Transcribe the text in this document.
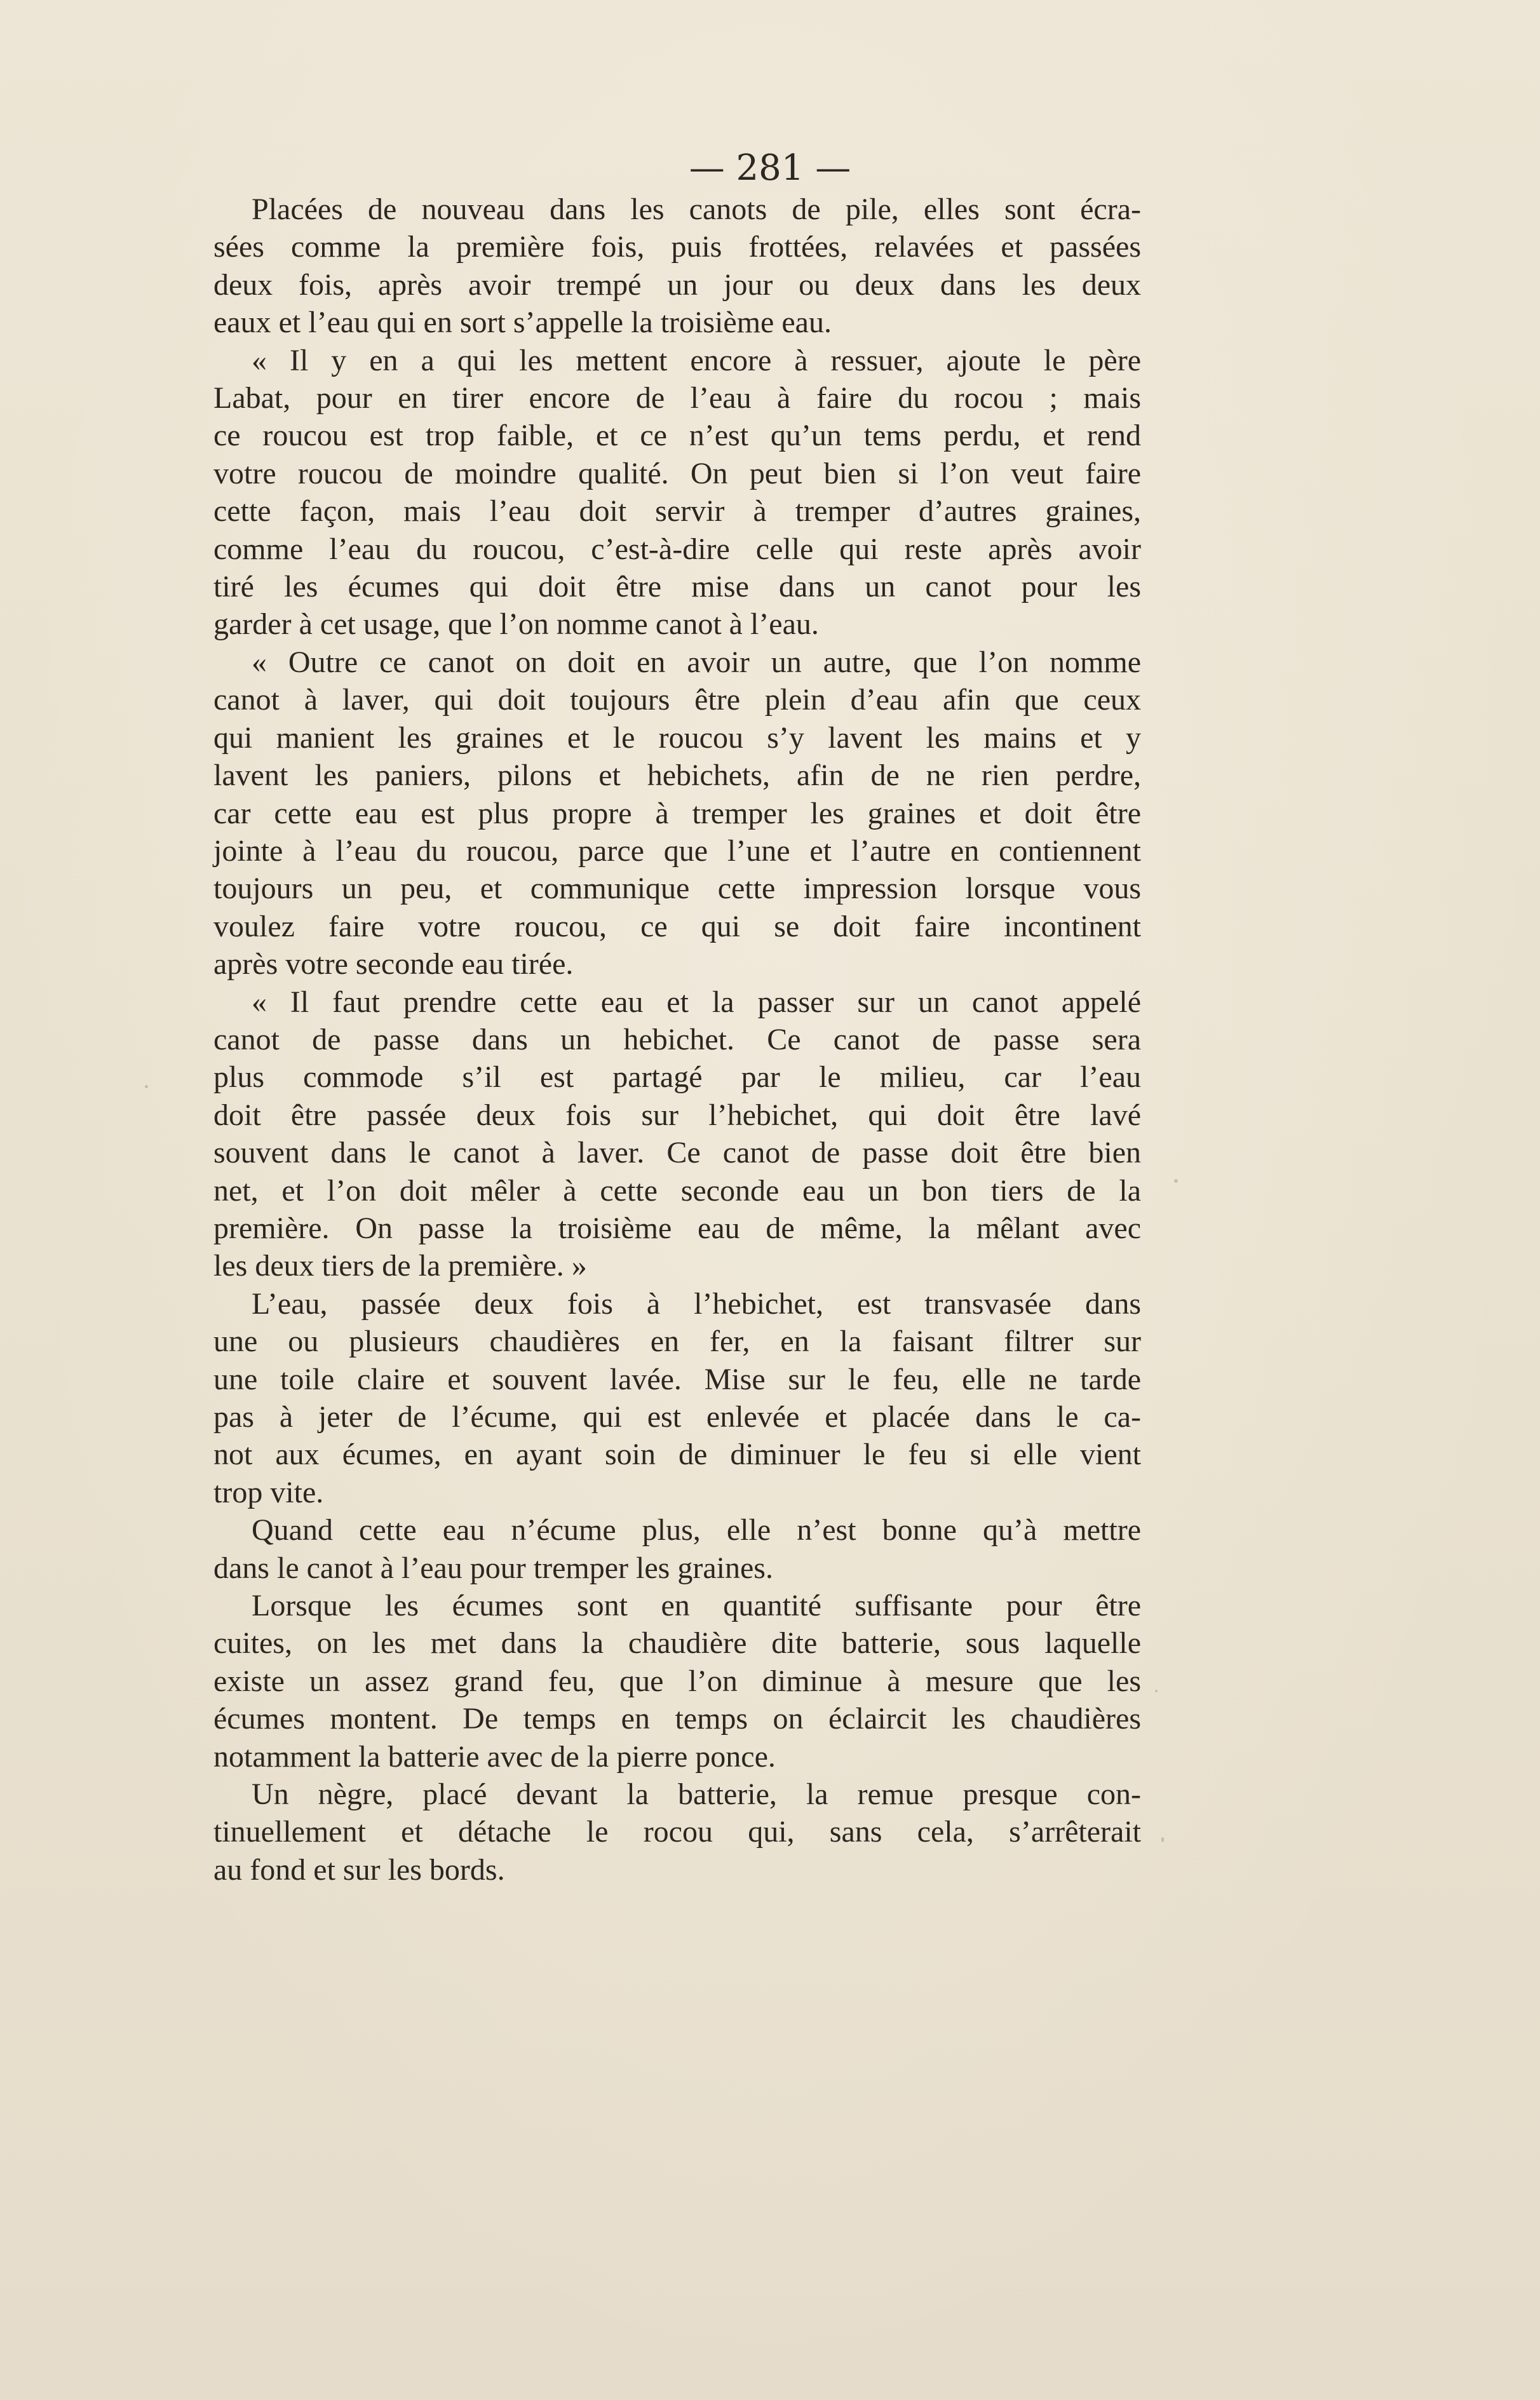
— 281 —

Placées de nouveau dans les canots de pile, elles sont écra-
sées comme la première fois, puis frottées, relavées et passées
deux fois, après avoir trempé un jour ou deux dans les deux
eaux et l’eau qui en sort s’appelle la troisième eau.

« Il y en a qui les mettent encore à ressuer, ajoute le père
Labat, pour en tirer encore de l’eau à faire du rocou ; mais
ce roucou est trop faible, et ce n’est qu’un tems perdu, et rend
votre roucou de moindre qualité. On peut bien si l’on veut faire
cette façon, mais l’eau doit servir à tremper d’autres graines,
comme l’eau du roucou, c’est-à-dire celle qui reste après avoir
tiré les écumes qui doit être mise dans un canot pour les
garder à cet usage, que l’on nomme canot à l’eau.

« Outre ce canot on doit en avoir un autre, que l’on nomme
canot à laver, qui doit toujours être plein d’eau afin que ceux
qui manient les graines et le roucou s’y lavent les mains et y
lavent les paniers, pilons et hebichets, afin de ne rien perdre,
car cette eau est plus propre à tremper les graines et doit être
jointe à l’eau du roucou, parce que l’une et l’autre en contiennent
toujours un peu, et communique cette impression lorsque vous
voulez faire votre roucou, ce qui se doit faire incontinent
après votre seconde eau tirée.

« Il faut prendre cette eau et la passer sur un canot appelé
canot de passe dans un hebichet. Ce canot de passe sera
plus commode s’il est partagé par le milieu, car l’eau
doit être passée deux fois sur l’hebichet, qui doit être lavé
souvent dans le canot à laver. Ce canot de passe doit être bien
net, et l’on doit mêler à cette seconde eau un bon tiers de la
première. On passe la troisième eau de même, la mêlant avec
les deux tiers de la première. »

L’eau, passée deux fois à l’hebichet, est transvasée dans
une ou plusieurs chaudières en fer, en la faisant filtrer sur
une toile claire et souvent lavée. Mise sur le feu, elle ne tarde
pas à jeter de l’écume, qui est enlevée et placée dans le ca-
not aux écumes, en ayant soin de diminuer le feu si elle vient
trop vite.

Quand cette eau n’écume plus, elle n’est bonne qu’à mettre
dans le canot à l’eau pour tremper les graines.

Lorsque les écumes sont en quantité suffisante pour être
cuites, on les met dans la chaudière dite batterie, sous laquelle
existe un assez grand feu, que l’on diminue à mesure que les
écumes montent. De temps en temps on éclaircit les chaudières
notamment la batterie avec de la pierre ponce.

Un nègre, placé devant la batterie, la remue presque con-
tinuellement et détache le rocou qui, sans cela, s’arrêterait
au fond et sur les bords.
